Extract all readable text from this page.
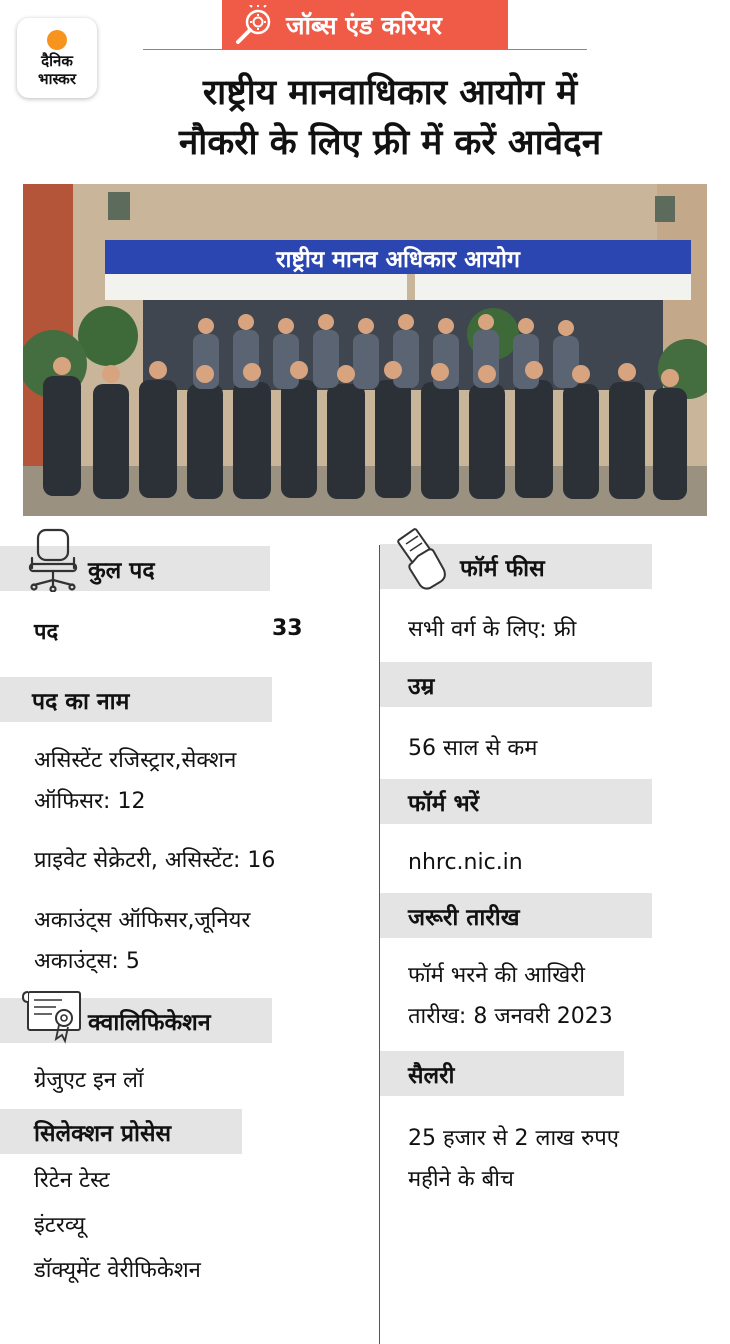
दैनिक
भास्कर
जॉब्स एंड करियर
राष्ट्रीय मानवाधिकार आयोग में
नौकरी के लिए फ्री में करें आवेदन
राष्ट्रीय मानव अधिकार आयोग
कुल पद
पद	33
पद का नाम
असिस्टेंट रजिस्ट्रार,सेक्शन
ऑफिसर: 12
प्राइवेट सेक्रेटरी, असिस्टेंट: 16
अकाउंट्स ऑफिसर,जूनियर
अकाउंट्स: 5
क्वालिफिकेशन
ग्रेजुएट इन लॉ
सिलेक्शन प्रोसेस
रिटेन टेस्ट
इंटरव्यू
डॉक्यूमेंट वेरीफिकेशन
फॉर्म फीस
सभी वर्ग के लिए: फ्री
उम्र
56 साल से कम
फॉर्म भरें
nhrc.nic.in
जरूरी तारीख
फॉर्म भरने की आखिरी
तारीख: 8 जनवरी 2023
सैलरी
25 हजार से 2 लाख रुपए
महीने के बीच
